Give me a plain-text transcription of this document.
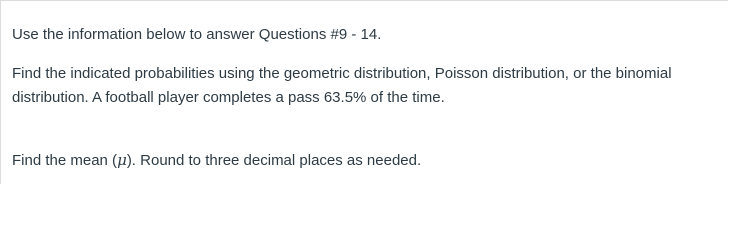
Use the information below to answer Questions #9 - 14.

Find the indicated probabilities using the geometric distribution, Poisson distribution, or the binomial distribution. A football player completes a pass 63.5% of the time.

Find the mean (μ). Round to three decimal places as needed.
